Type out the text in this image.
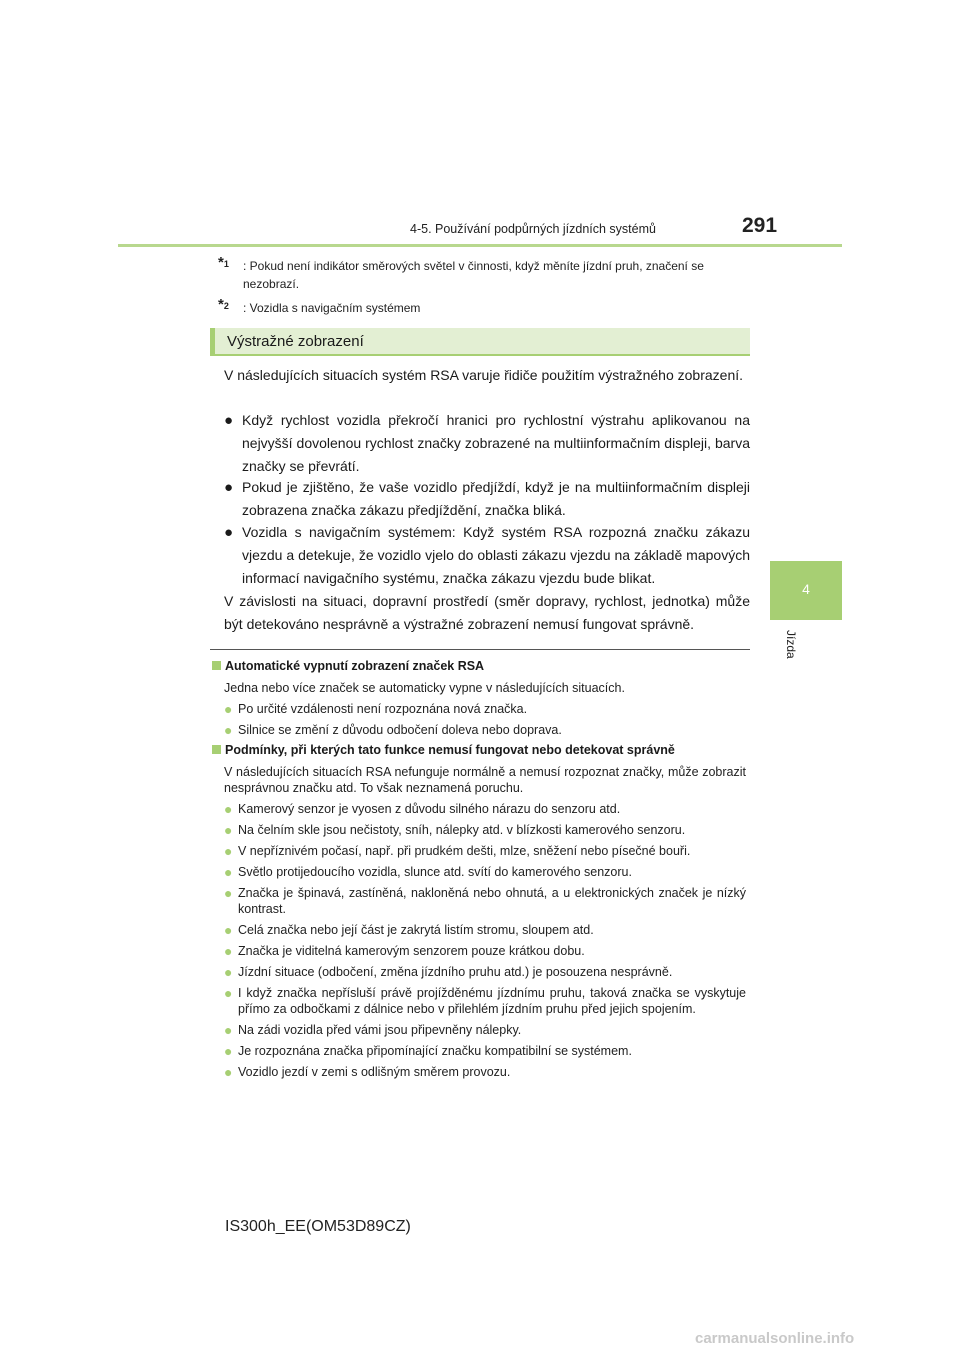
4-5. Používání podpůrných jízdních systémů	291
4
Jízda
*$^1$	: Pokud není indikátor směrových světel v činnosti, když měníte jízdní pruh, značení se nezobrazí.
*$^2$	: Vozidla s navigačním systémem
Výstražné zobrazení
V následujících situacích systém RSA varuje řidiče použitím výstražného zobrazení.
● Když rychlost vozidla překročí hranici pro rychlostní výstrahu aplikovanou na nejvyšší dovolenou rychlost značky zobrazené na multiinformačním displeji, barva značky se převrátí.
● Pokud je zjištěno, že vaše vozidlo předjíždí, když je na multiinformačním displeji zobrazena značka zákazu předjíždění, značka bliká.
● Vozidla s navigačním systémem: Když systém RSA rozpozná značku zákazu vjezdu a detekuje, že vozidlo vjelo do oblasti zákazu vjezdu na základě mapových informací navigačního systému, značka zákazu vjezdu bude blikat.
V závislosti na situaci, dopravní prostředí (směr dopravy, rychlost, jednotka) může být detekováno nesprávně a výstražné zobrazení nemusí fungovat správně.
Automatické vypnutí zobrazení značek RSA
Jedna nebo více značek se automaticky vypne v následujících situacích.
● Po určité vzdálenosti není rozpoznána nová značka.
● Silnice se změní z důvodu odbočení doleva nebo doprava.
Podmínky, při kterých tato funkce nemusí fungovat nebo detekovat správně
V následujících situacích RSA nefunguje normálně a nemusí rozpoznat značky, může zobrazit nesprávnou značku atd. To však neznamená poruchu.
● Kamerový senzor je vyosen z důvodu silného nárazu do senzoru atd.
● Na čelním skle jsou nečistoty, sníh, nálepky atd. v blízkosti kamerového senzoru.
● V nepříznivém počasí, např. při prudkém dešti, mlze, sněžení nebo písečné bouři.
● Světlo protijedoucího vozidla, slunce atd. svítí do kamerového senzoru.
● Značka je špinavá, zastíněná, nakloněná nebo ohnutá, a u elektronických značek je nízký kontrast.
● Celá značka nebo její část je zakrytá listím stromu, sloupem atd.
● Značka je viditelná kamerovým senzorem pouze krátkou dobu.
● Jízdní situace (odbočení, změna jízdního pruhu atd.) je posouzena nesprávně.
● I když značka nepřísluší právě projížděnému jízdnímu pruhu, taková značka se vyskytuje přímo za odbočkami z dálnice nebo v přilehlém jízdním pruhu před jejich spojením.
● Na zádi vozidla před vámi jsou připevněny nálepky.
● Je rozpoznána značka připomínající značku kompatibilní se systémem.
● Vozidlo jezdí v zemi s odlišným směrem provozu.
IS300h_EE(OM53D89CZ)
carmanualsonline.info
